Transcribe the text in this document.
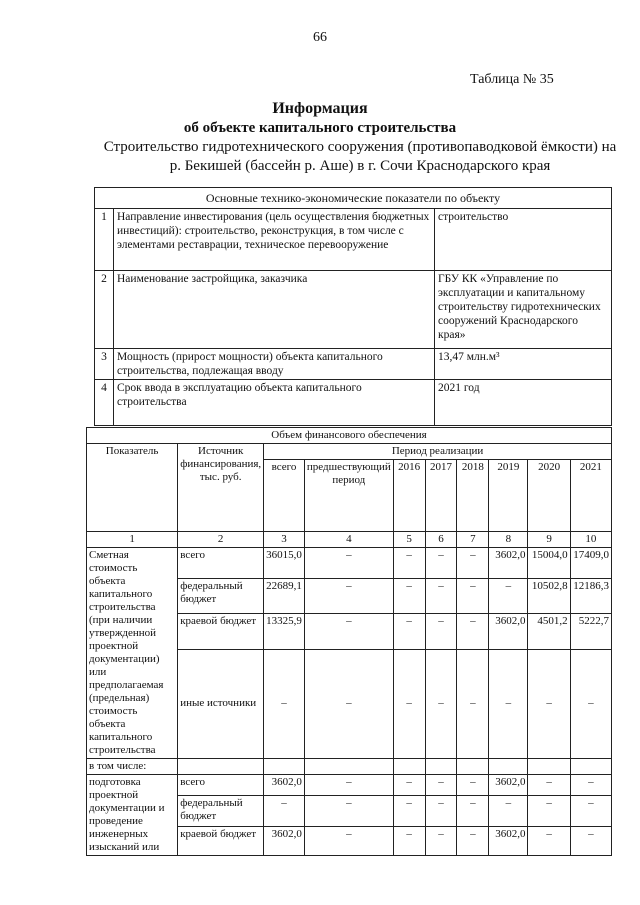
66
Таблица № 35
Информация
об объекте капитального строительства
Строительство гидротехнического сооружения (противопаводковой ёмкости) на р. Бекишей (бассейн р. Аше) в г. Сочи Краснодарского края
Основные технико-экономические показатели по объекту		
1	Направление инвестирования (цель осуществления бюджетных инвестиций): строительство, реконструкция, в том числе с элементами реставрации, техническое перевооружение	строительство
2	Наименование застройщика, заказчика	ГБУ КК «Управление по эксплуатации и капитальному строительству гидротехнических сооружений Краснодарского края»
3	Мощность (прирост мощности) объекта капитального строительства, подлежащая вводу	13,47 млн.м³
4	Срок ввода в эксплуатацию объекта капитального строительства	2021 год
Объем финансового обеспечения									
Показатель	Источник финансирования, тыс. руб.	Период реализации							
		всего	предшествующий период	2016	2017	2018	2019	2020	2021
1	2	3	4	5	6	7	8	9	10
Сметная стоимость объекта капитального строительства (при наличии утвержденной проектной документации) или предполагаемая (предельная) стоимость объекта капитального строительства	всего	36015,0	–	–	–	–	3602,0	15004,0	17409,0
	федеральный бюджет	22689,1	–	–	–	–	–	10502,8	12186,3
	краевой бюджет	13325,9	–	–	–	–	3602,0	4501,2	5222,7
	иные источники	–	–	–	–	–	–	–	–
в том числе:									
подготовка проектной документации и проведение инженерных изысканий или	всего	3602,0	–	–	–	–	3602,0	–	–
	федеральный бюджет	–	–	–	–	–	–	–	–
	краевой бюджет	3602,0	–	–	–	–	3602,0	–	–
